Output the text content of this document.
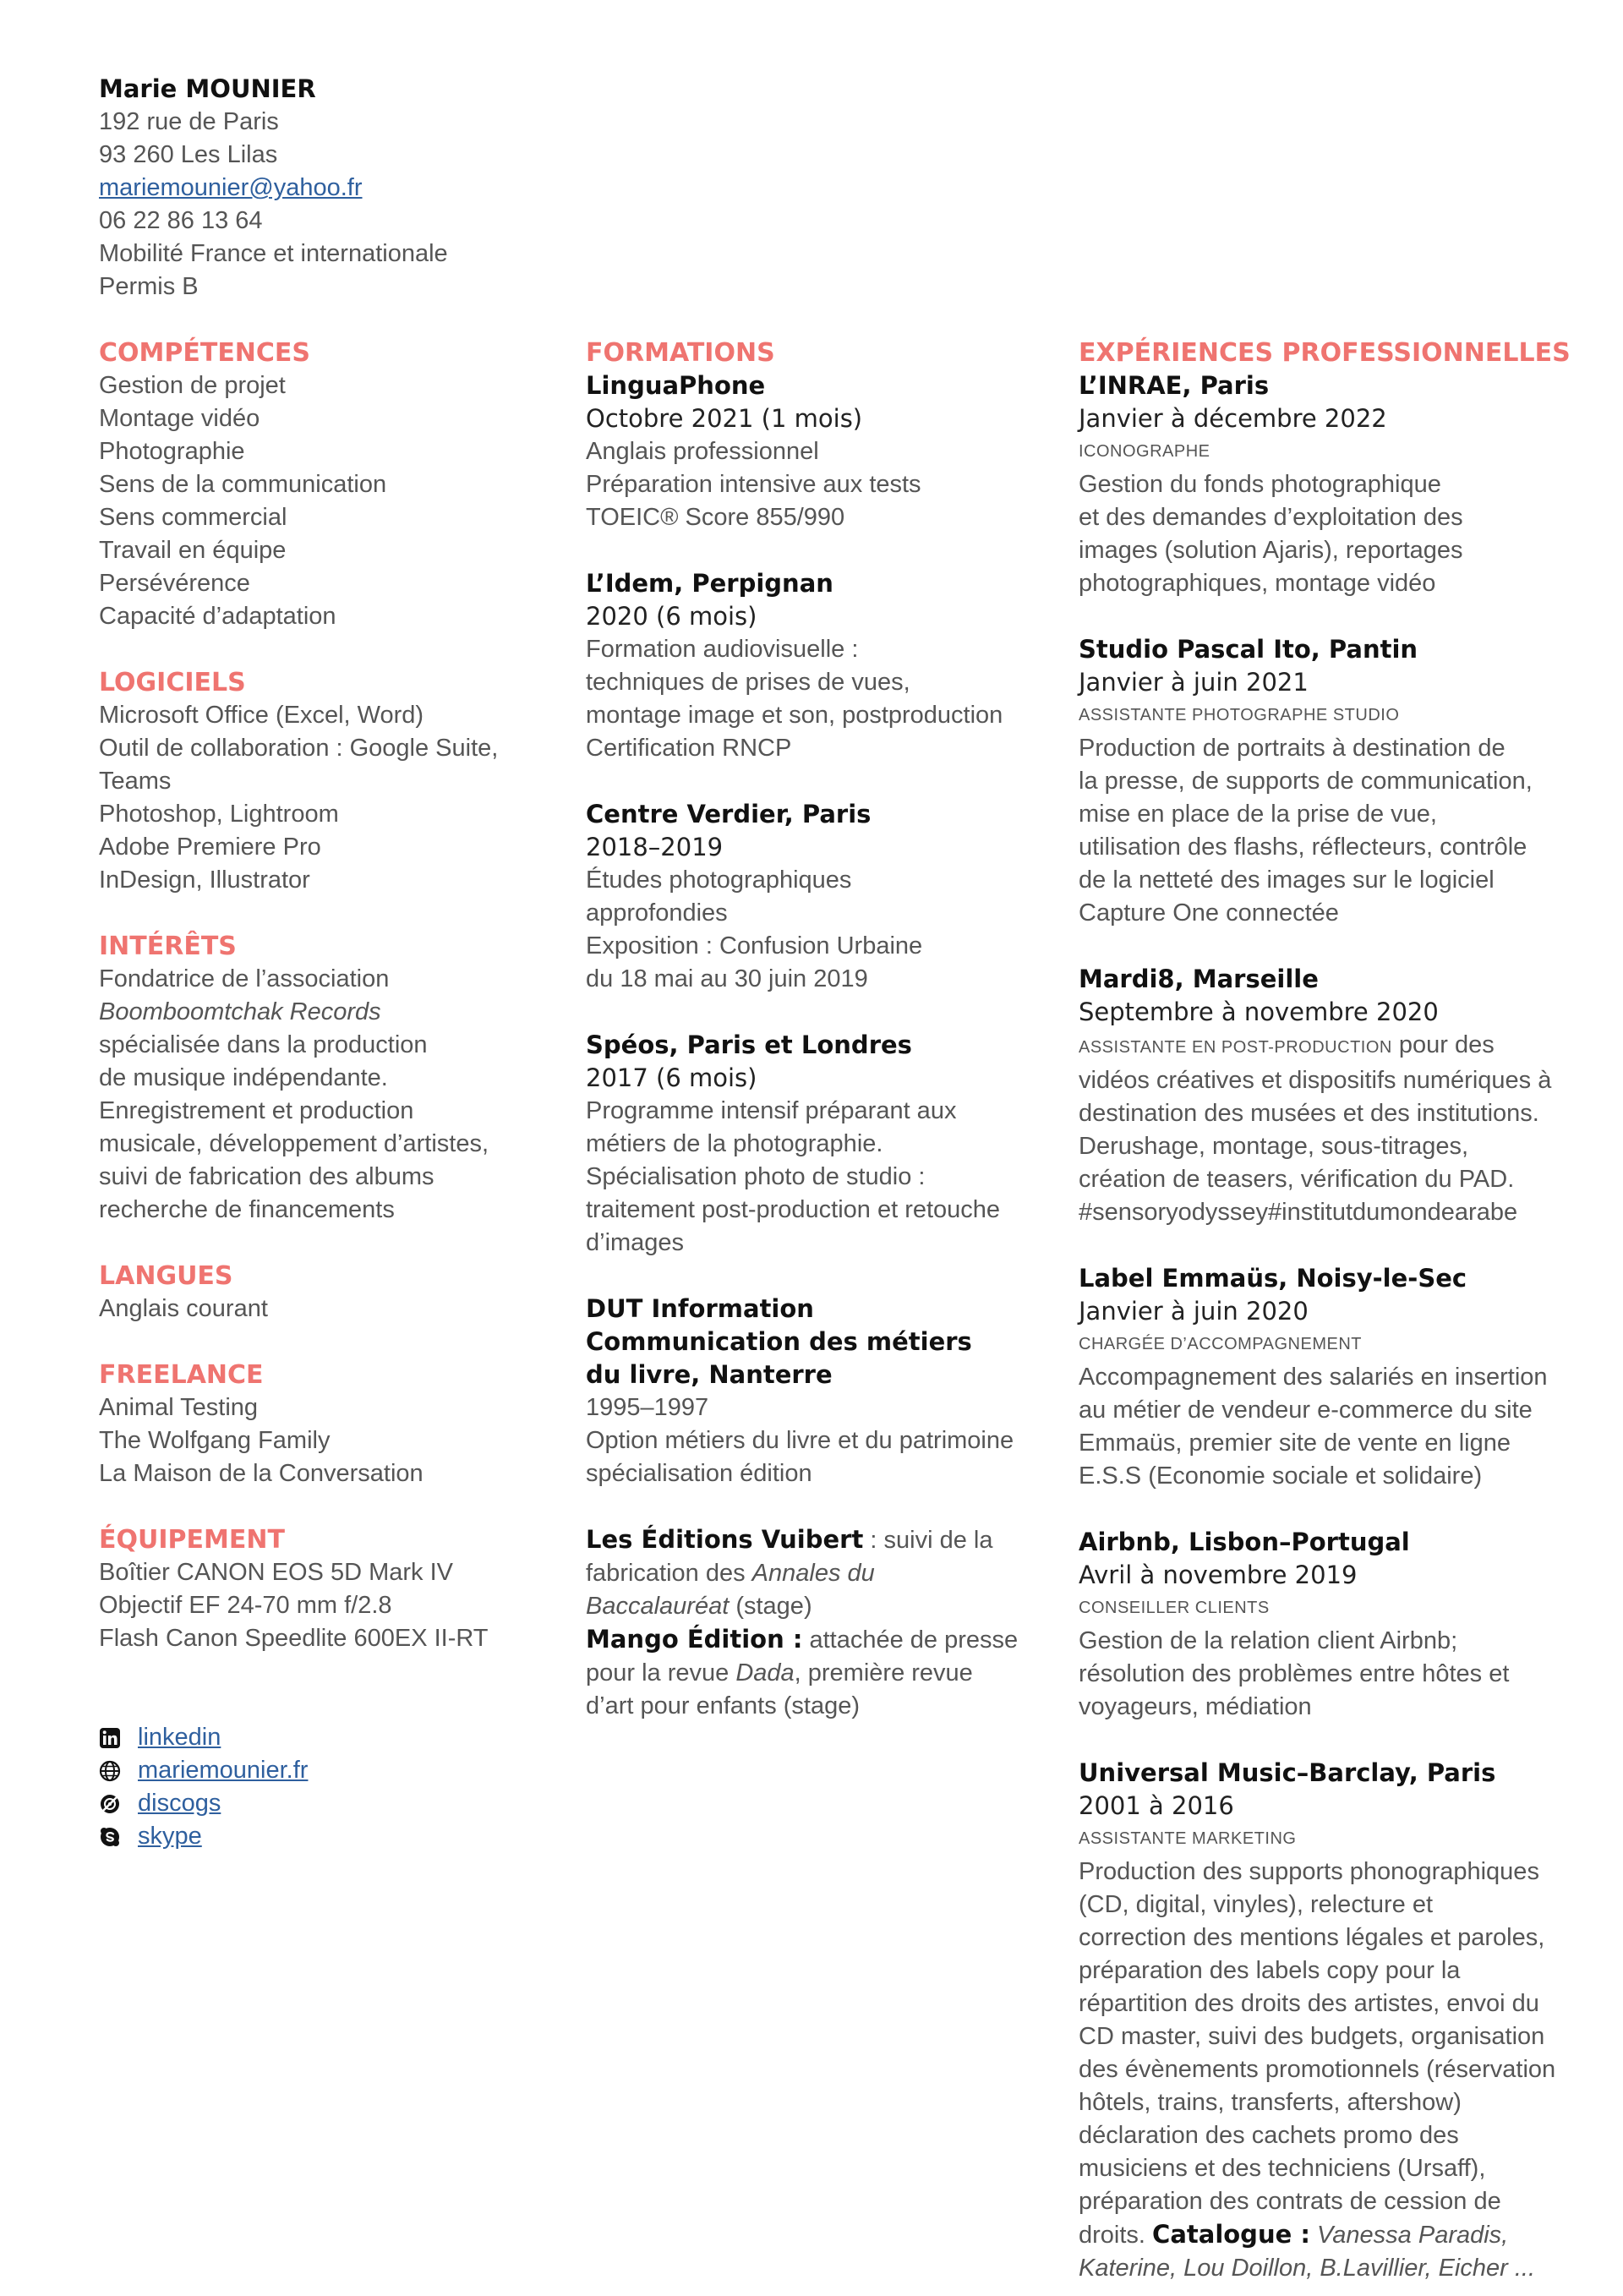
Marie MOUNIER
192 rue de Paris
93 260 Les Lilas
mariemounier@yahoo.fr
06 22 86 13 64
Mobilité France et internationale
Permis B
COMPÉTENCES
Gestion de projet
Montage vidéo
Photographie
Sens de la communication
Sens commercial
Travail en équipe
Persévérence
Capacité d’adaptation
LOGICIELS
Microsoft Office (Excel, Word)
Outil de collaboration : Google Suite,
Teams
Photoshop, Lightroom
Adobe Premiere Pro
InDesign, Illustrator
INTÉRÊTS
Fondatrice de l’association
Boomboomtchak Records
spécialisée dans la production
de musique indépendante.
Enregistrement et production
musicale, développement d’artistes,
suivi de fabrication des albums
recherche de financements
LANGUES
Anglais courant
FREELANCE
Animal Testing
The Wolfgang Family
La Maison de la Conversation
ÉQUIPEMENT
Boîtier CANON EOS 5D Mark IV
Objectif EF 24-70 mm f/2.8
Flash Canon Speedlite 600EX II-RT
linkedin
mariemounier.fr
discogs
skype
FORMATIONS
LinguaPhone
Octobre 2021 (1 mois)
Anglais professionnel
Préparation intensive aux tests
TOEIC® Score 855/990
L’Idem, Perpignan
2020 (6 mois)
Formation audiovisuelle :
techniques de prises de vues,
montage image et son, postproduction
Certification RNCP
Centre Verdier, Paris
2018–2019
Études photographiques
approfondies
Exposition : Confusion Urbaine
du 18 mai au 30 juin 2019
Spéos, Paris et Londres
2017 (6 mois)
Programme intensif préparant aux
métiers de la photographie.
Spécialisation photo de studio :
traitement post-production et retouche
d’images
DUT Information
Communication des métiers
du livre, Nanterre
1995–1997
Option métiers du livre et du patrimoine
spécialisation édition
Les Éditions Vuibert : suivi de la
fabrication des Annales du
Baccalauréat (stage)
Mango Édition : attachée de presse
pour la revue Dada, première revue
d’art pour enfants (stage)
EXPÉRIENCES PROFESSIONNELLES
L’INRAE, Paris
Janvier à décembre 2022
ICONOGRAPHE
Gestion du fonds photographique
et des demandes d’exploitation des
images (solution Ajaris), reportages
photographiques, montage vidéo
Studio Pascal Ito, Pantin
Janvier à juin 2021
ASSISTANTE PHOTOGRAPHE STUDIO
Production de portraits à destination de
la presse, de supports de communication,
mise en place de la prise de vue,
utilisation des flashs, réflecteurs, contrôle
de la netteté des images sur le logiciel
Capture One connectée
Mardi8, Marseille
Septembre à novembre 2020
ASSISTANTE EN POST-PRODUCTION pour des
vidéos créatives et dispositifs numériques à
destination des musées et des institutions.
Derushage, montage, sous-titrages,
création de teasers, vérification du PAD.
#sensoryodyssey#institutdumondearabe
Label Emmaüs, Noisy-le-Sec
Janvier à juin 2020
CHARGÉE D’ACCOMPAGNEMENT
Accompagnement des salariés en insertion
au métier de vendeur e-commerce du site
Emmaüs, premier site de vente en ligne
E.S.S (Economie sociale et solidaire)
Airbnb, Lisbon–Portugal
Avril à novembre 2019
CONSEILLER CLIENTS
Gestion de la relation client Airbnb;
résolution des problèmes entre hôtes et
voyageurs, médiation
Universal Music–Barclay, Paris
2001 à 2016
ASSISTANTE MARKETING
Production des supports phonographiques
(CD, digital, vinyles), relecture et
correction des mentions légales et paroles,
préparation des labels copy pour la
répartition des droits des artistes, envoi du
CD master, suivi des budgets, organisation
des évènements promotionnels (réservation
hôtels, trains, transferts, aftershow)
déclaration des cachets promo des
musiciens et des techniciens (Ursaff),
préparation des contrats de cession de
droits. Catalogue : Vanessa Paradis,
Katerine, Lou Doillon, B.Lavillier, Eicher ...
